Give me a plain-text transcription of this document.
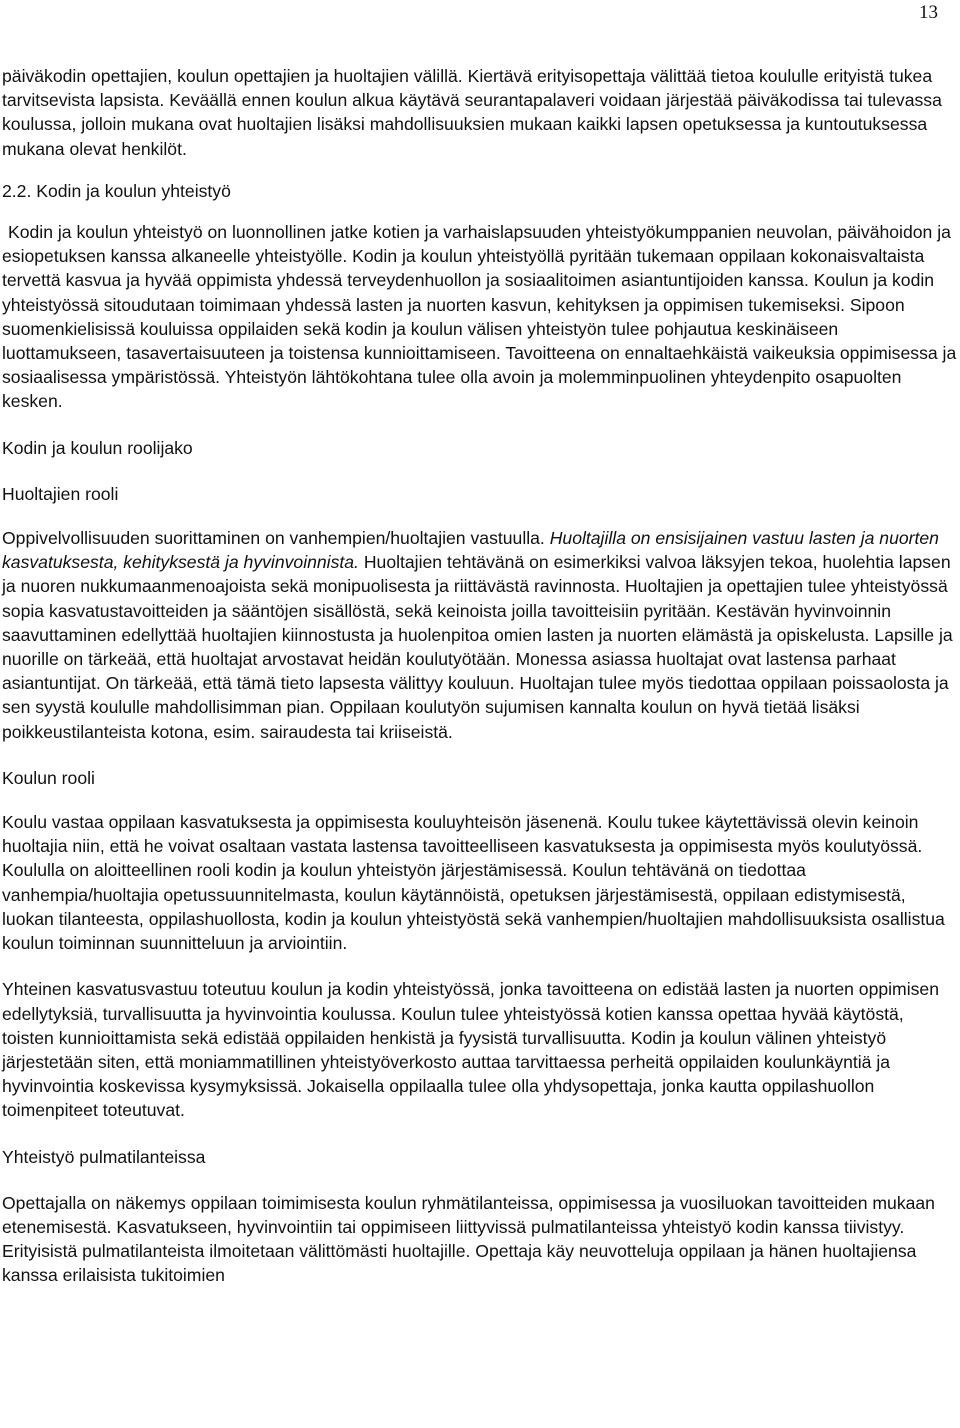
13

päiväkodin opettajien, koulun opettajien ja huoltajien välillä. Kiertävä erityisopettaja välittää tietoa koululle erityistä tukea tarvitsevista lapsista. Keväällä ennen koulun alkua käytävä seurantapalaveri voidaan järjestää päiväkodissa tai tulevassa koulussa, jolloin mukana ovat huoltajien lisäksi mahdollisuuksien mukaan kaikki lapsen opetuksessa ja kuntoutuksessa mukana olevat henkilöt.

2.2. Kodin ja koulun yhteistyö

Kodin ja koulun yhteistyö on luonnollinen jatke kotien ja varhaislapsuuden yhteistyökumppanien neuvolan, päivähoidon ja esiopetuksen kanssa alkaneelle yhteistyölle. Kodin ja koulun yhteistyöllä pyritään tukemaan oppilaan kokonaisvaltaista tervettä kasvua ja hyvää oppimista yhdessä terveydenhuollon ja sosiaalitoimen asiantuntijoiden kanssa. Koulun ja kodin yhteistyössä sitoudutaan toimimaan yhdessä lasten ja nuorten kasvun, kehityksen ja oppimisen tukemiseksi. Sipoon suomenkielisissä kouluissa oppilaiden sekä kodin ja koulun välisen yhteistyön tulee pohjautua keskinäiseen luottamukseen, tasavertaisuuteen ja toistensa kunnioittamiseen. Tavoitteena on ennaltaehkäistä vaikeuksia oppimisessa ja sosiaalisessa ympäristössä. Yhteistyön lähtökohtana tulee olla avoin ja molemminpuolinen yhteydenpito osapuolten kesken.

Kodin ja koulun roolijako

Huoltajien rooli

Oppivelvollisuuden suorittaminen on vanhempien/huoltajien vastuulla. Huoltajilla on ensisijainen vastuu lasten ja nuorten kasvatuksesta, kehityksestä ja hyvinvoinnista. Huoltajien tehtävänä on esimerkiksi valvoa läksyjen tekoa, huolehtia lapsen ja nuoren nukkumaanmenoajoista sekä monipuolisesta ja riittävästä ravinnosta. Huoltajien ja opettajien tulee yhteistyössä sopia kasvatustavoitteiden ja sääntöjen sisällöstä, sekä keinoista joilla tavoitteisiin pyritään. Kestävän hyvinvoinnin saavuttaminen edellyttää huoltajien kiinnostusta ja huolenpitoa omien lasten ja nuorten elämästä ja opiskelusta. Lapsille ja nuorille on tärkeää, että huoltajat arvostavat heidän koulutyötään. Monessa asiassa huoltajat ovat lastensa parhaat asiantuntijat. On tärkeää, että tämä tieto lapsesta välittyy kouluun. Huoltajan tulee myös tiedottaa oppilaan poissaolosta ja sen syystä koululle mahdollisimman pian. Oppilaan koulutyön sujumisen kannalta koulun on hyvä tietää lisäksi poikkeustilanteista kotona, esim. sairaudesta tai kriiseistä.

Koulun rooli

Koulu vastaa oppilaan kasvatuksesta ja oppimisesta kouluyhteisön jäsenenä. Koulu tukee käytettävissä olevin keinoin huoltajia niin, että he voivat osaltaan vastata lastensa tavoitteelliseen kasvatuksesta ja oppimisesta myös koulutyössä.

Koululla on aloitteellinen rooli kodin ja koulun yhteistyön järjestämisessä. Koulun tehtävänä on tiedottaa vanhempia/huoltajia opetussuunnitelmasta, koulun käytännöistä, opetuksen järjestämisestä, oppilaan edistymisestä, luokan tilanteesta, oppilashuollosta, kodin ja koulun yhteistyöstä sekä vanhempien/huoltajien mahdollisuuksista osallistua koulun toiminnan suunnitteluun ja arviointiin.

Yhteinen kasvatusvastuu toteutuu koulun ja kodin yhteistyössä, jonka tavoitteena on edistää lasten ja nuorten oppimisen edellytyksiä, turvallisuutta ja hyvinvointia koulussa. Koulun tulee yhteistyössä kotien kanssa opettaa hyvää käytöstä, toisten kunnioittamista sekä edistää oppilaiden henkistä ja fyysistä turvallisuutta. Kodin ja koulun välinen yhteistyö järjestetään siten, että moniammatillinen yhteistyöverkosto auttaa tarvittaessa perheitä oppilaiden koulunkäyntiä ja hyvinvointia koskevissa kysymyksissä. Jokaisella oppilaalla tulee olla yhdysopettaja, jonka kautta oppilashuollon toimenpiteet toteutuvat.

Yhteistyö pulmatilanteissa

Opettajalla on näkemys oppilaan toimimisesta koulun ryhmätilanteissa, oppimisessa ja vuosiluokan tavoitteiden mukaan etenemisestä. Kasvatukseen, hyvinvointiin tai oppimiseen liittyvissä pulmatilanteissa yhteistyö kodin kanssa tiivistyy. Erityisistä pulmatilanteista ilmoitetaan välittömästi huoltajille. Opettaja käy neuvotteluja oppilaan ja hänen huoltajiensa kanssa erilaisista tukitoimien
